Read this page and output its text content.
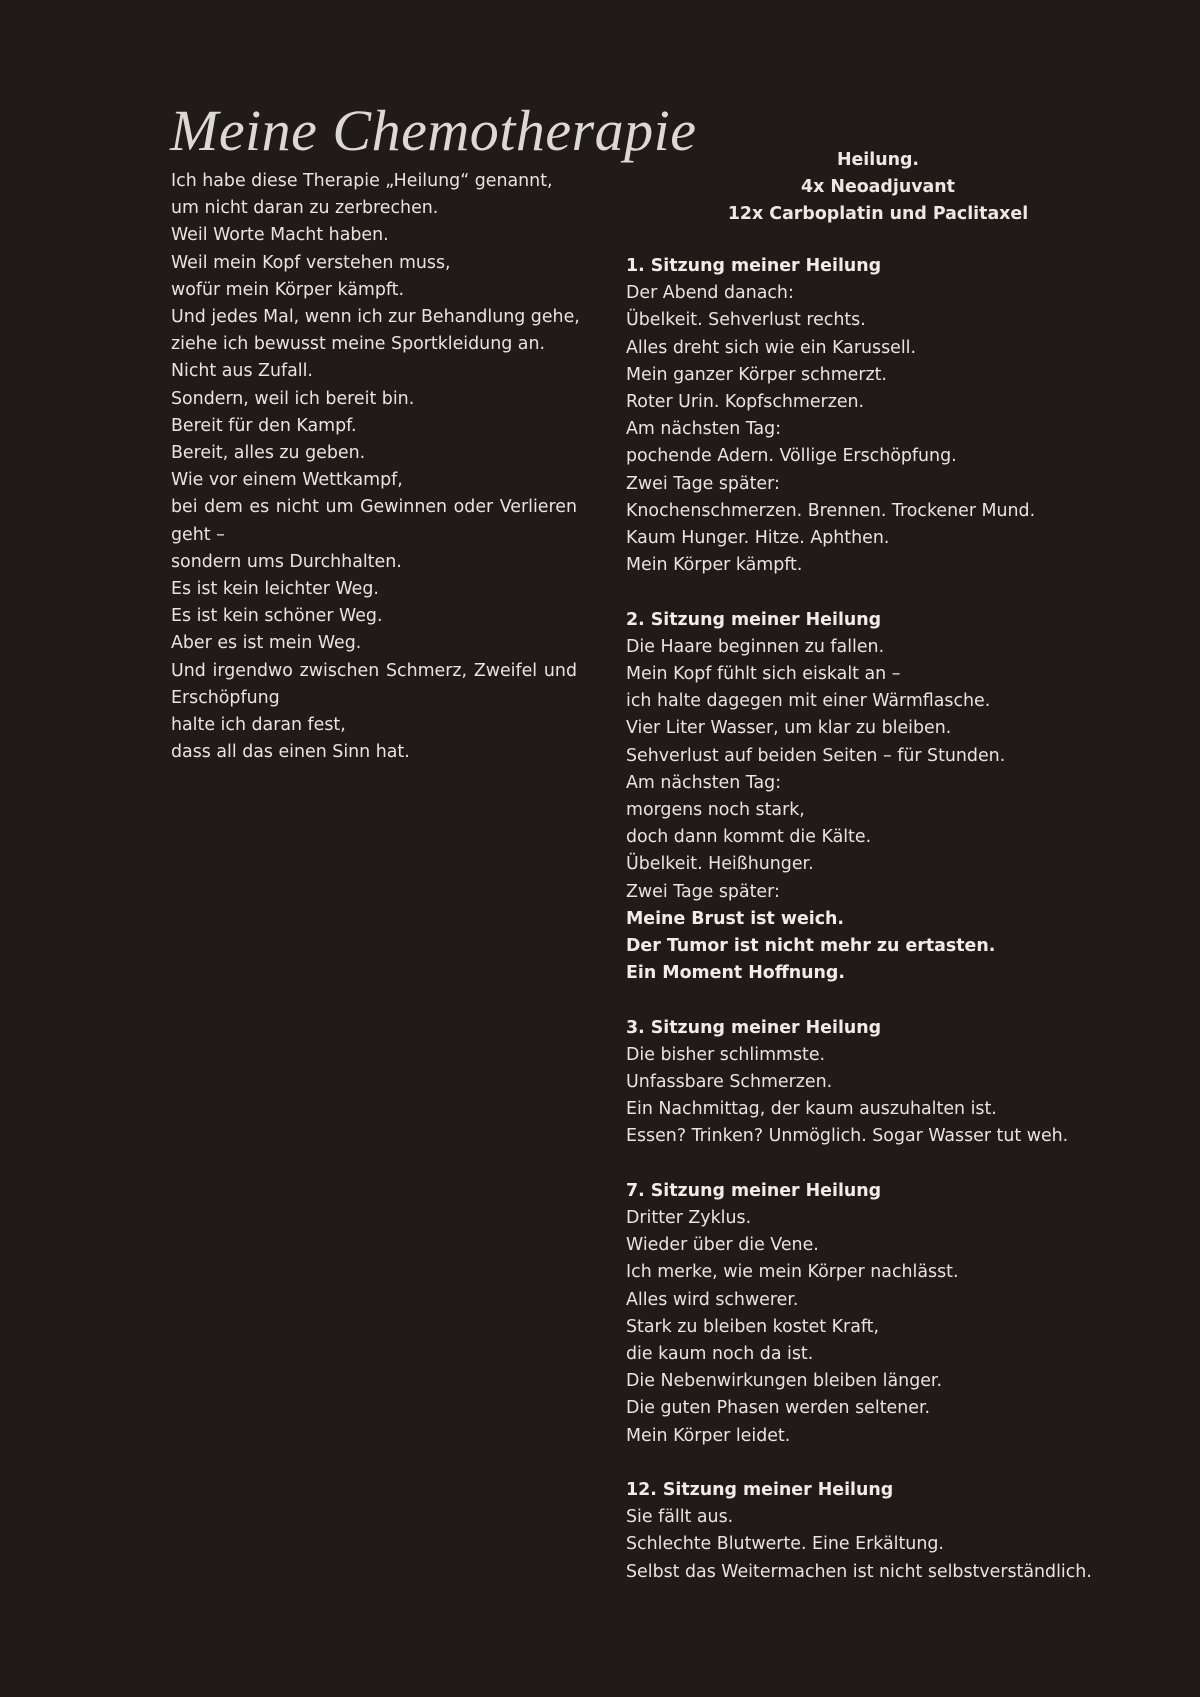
Meine Chemotherapie
Ich habe diese Therapie „Heilung“ genannt,
um nicht daran zu zerbrechen.
Weil Worte Macht haben.
Weil mein Kopf verstehen muss,
wofür mein Körper kämpft.
Und jedes Mal, wenn ich zur Behandlung gehe,
ziehe ich bewusst meine Sportkleidung an.
Nicht aus Zufall.
Sondern, weil ich bereit bin.
Bereit für den Kampf.
Bereit, alles zu geben.
Wie vor einem Wettkampf,
bei dem es nicht um Gewinnen oder Verlieren
geht –
sondern ums Durchhalten.
Es ist kein leichter Weg.
Es ist kein schöner Weg.
Aber es ist mein Weg.
Und irgendwo zwischen Schmerz, Zweifel und
Erschöpfung
halte ich daran fest,
dass all das einen Sinn hat.
Heilung.
4x Neoadjuvant
12x Carboplatin und Paclitaxel
1. Sitzung meiner Heilung
Der Abend danach:
Übelkeit. Sehverlust rechts.
Alles dreht sich wie ein Karussell.
Mein ganzer Körper schmerzt.
Roter Urin. Kopfschmerzen.
Am nächsten Tag:
pochende Adern. Völlige Erschöpfung.
Zwei Tage später:
Knochenschmerzen. Brennen. Trockener Mund.
Kaum Hunger. Hitze. Aphthen.
Mein Körper kämpft.
2. Sitzung meiner Heilung
Die Haare beginnen zu fallen.
Mein Kopf fühlt sich eiskalt an –
ich halte dagegen mit einer Wärmflasche.
Vier Liter Wasser, um klar zu bleiben.
Sehverlust auf beiden Seiten – für Stunden.
Am nächsten Tag:
morgens noch stark,
doch dann kommt die Kälte.
Übelkeit. Heißhunger.
Zwei Tage später:
Meine Brust ist weich.
Der Tumor ist nicht mehr zu ertasten.
Ein Moment Hoffnung.
3. Sitzung meiner Heilung
Die bisher schlimmste.
Unfassbare Schmerzen.
Ein Nachmittag, der kaum auszuhalten ist.
Essen? Trinken? Unmöglich. Sogar Wasser tut weh.
7. Sitzung meiner Heilung
Dritter Zyklus.
Wieder über die Vene.
Ich merke, wie mein Körper nachlässt.
Alles wird schwerer.
Stark zu bleiben kostet Kraft,
die kaum noch da ist.
Die Nebenwirkungen bleiben länger.
Die guten Phasen werden seltener.
Mein Körper leidet.
12. Sitzung meiner Heilung
Sie fällt aus.
Schlechte Blutwerte. Eine Erkältung.
Selbst das Weitermachen ist nicht selbstverständlich.
